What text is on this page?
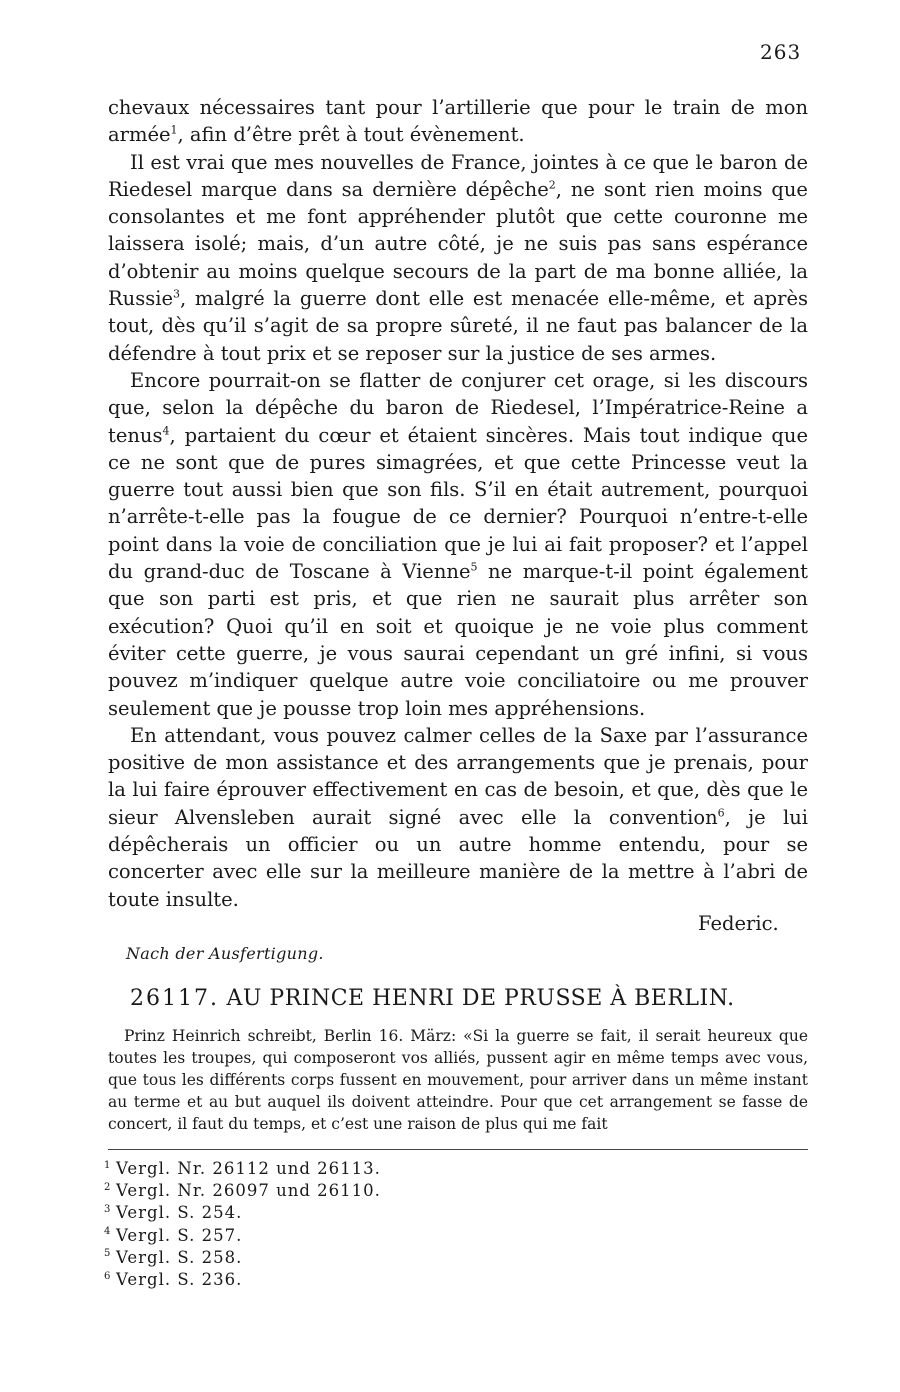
263

chevaux nécessaires tant pour l’artillerie que pour le train de mon armée$^1$, afin d’être prêt à tout évènement.

Il est vrai que mes nouvelles de France, jointes à ce que le baron de Riedesel marque dans sa dernière dépêche$^2$, ne sont rien moins que consolantes et me font appréhender plutôt que cette couronne me laissera isolé; mais, d’un autre côté, je ne suis pas sans espérance d’obtenir au moins quelque secours de la part de ma bonne alliée, la Russie$^3$, malgré la guerre dont elle est menacée elle-même, et après tout, dès qu’il s’agit de sa propre sûreté, il ne faut pas balancer de la défendre à tout prix et se reposer sur la justice de ses armes.

Encore pourrait-on se flatter de conjurer cet orage, si les discours que, selon la dépêche du baron de Riedesel, l’Impératrice-Reine a tenus$^4$, partaient du cœur et étaient sincères. Mais tout indique que ce ne sont que de pures simagrées, et que cette Princesse veut la guerre tout aussi bien que son fils. S’il en était autrement, pourquoi n’arrête-t-elle pas la fougue de ce dernier? Pourquoi n’entre-t-elle point dans la voie de conciliation que je lui ai fait proposer? et l’appel du grand-duc de Toscane à Vienne$^5$ ne marque-t-il point également que son parti est pris, et que rien ne saurait plus arrêter son exécution? Quoi qu’il en soit et quoique je ne voie plus comment éviter cette guerre, je vous saurai cependant un gré infini, si vous pouvez m’indiquer quelque autre voie conciliatoire ou me prouver seulement que je pousse trop loin mes appréhensions.

En attendant, vous pouvez calmer celles de la Saxe par l’assurance positive de mon assistance et des arrangements que je prenais, pour la lui faire éprouver effectivement en cas de besoin, et que, dès que le sieur Alvensleben aurait signé avec elle la convention$^6$, je lui dépêcherais un officier ou un autre homme entendu, pour se concerter avec elle sur la meilleure manière de la mettre à l’abri de toute insulte.

Federic.
Nach der Ausfertigung.
26117. AU PRINCE HENRI DE PRUSSE À BERLIN.

Prinz Heinrich schreibt, Berlin 16. März: «Si la guerre se fait, il serait heureux que toutes les troupes, qui composeront vos alliés, pussent agir en même temps avec vous, que tous les différents corps fussent en mouvement, pour arriver dans un même instant au terme et au but auquel ils doivent atteindre. Pour que cet arrangement se fasse de concert, il faut du temps, et c’est une raison de plus qui me fait

1 Vergl. Nr. 26112 und 26113.
2 Vergl. Nr. 26097 und 26110.
3 Vergl. S. 254.
4 Vergl. S. 257.
5 Vergl. S. 258.
6 Vergl. S. 236.
